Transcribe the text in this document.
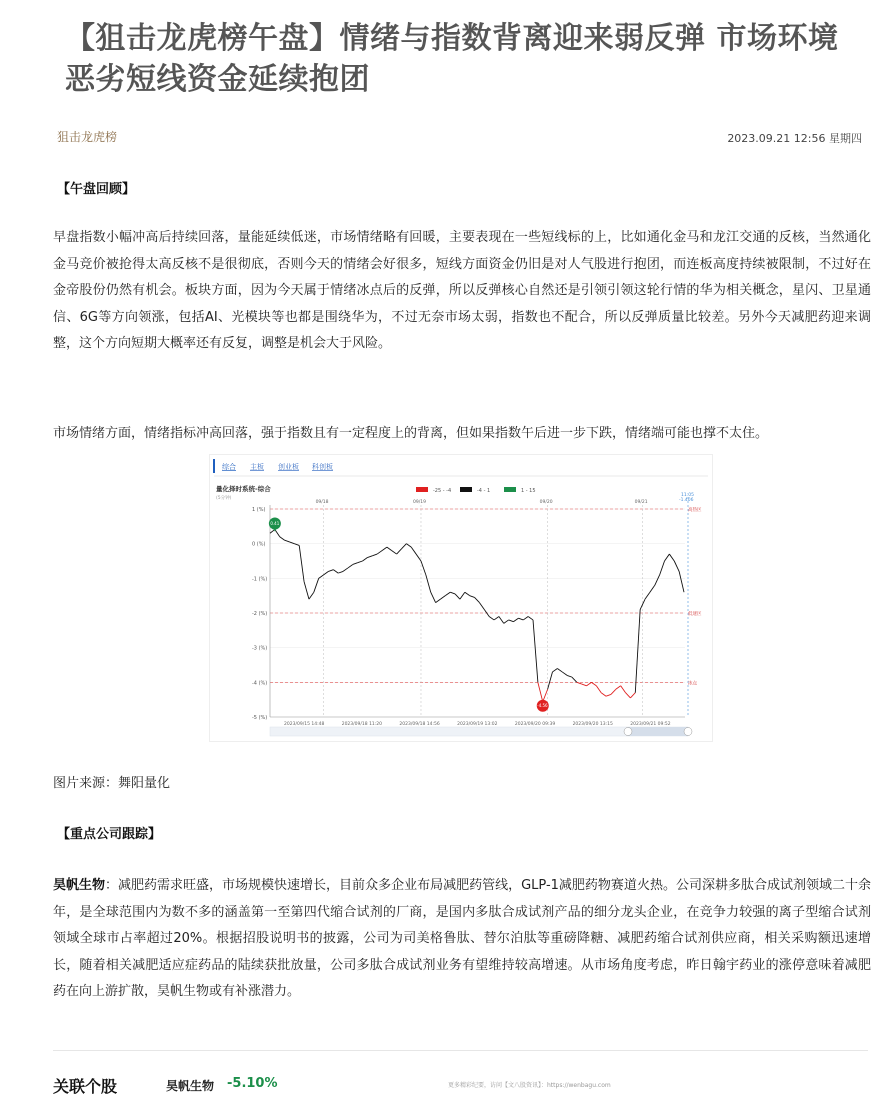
【狙击龙虎榜午盘】情绪与指数背离迎来弱反弹 市场环境恶劣短线资金延续抱团
狙击龙虎榜	2023.09.21 12:56 星期四
【午盘回顾】

早盘指数小幅冲高后持续回落，量能延续低迷，市场情绪略有回暖，主要表现在一些短线标的上，比如通化金马和龙江交通的反核，当然通化金马竞价被抢得太高反核不是很彻底，否则今天的情绪会好很多，短线方面资金仍旧是对人气股进行抱团，而连板高度持续被限制，不过好在金帝股份仍然有机会。板块方面，因为今天属于情绪冰点后的反弹，所以反弹核心自然还是引领引领这轮行情的华为相关概念，星闪、卫星通信、6G等方向领涨，包括AI、光模块等也都是围绕华为，不过无奈市场太弱，指数也不配合，所以反弹质量比较差。另外今天减肥药迎来调整，这个方向短期大概率还有反复，调整是机会大于风险。

市场情绪方面，情绪指标冲高回落，强于指数且有一定程度上的背离，但如果指数午后进一步下跌，情绪端可能也撑不太住。

综合 主板 创业板 科创板
量化择时系统-综合
(5分钟)
-25 - -4	-4 - 1	1 - 15
1 (%)
0 (%)
-1 (%)
-2 (%)
-3 (%)
-4 (%)
-5 (%)
高热区
低迷区
冰点
09/18	09/19	09/20	09/21
11:05
-1.406
2023/09/15 14:48	2023/09/18 11:20	2023/09/18 14:56	2023/09/19 13:02	2023/09/20 09:39	2023/09/20 13:15	2023/09/21 09:52
0.41
-4.56
图片来源：舞阳量化
【重点公司跟踪】

昊帆生物：减肥药需求旺盛，市场规模快速增长，目前众多企业布局减肥药管线，GLP-1减肥药物赛道火热。公司深耕多肽合成试剂领域二十余年，是全球范围内为数不多的涵盖第一至第四代缩合试剂的厂商，是国内多肽合成试剂产品的细分龙头企业，在竞争力较强的离子型缩合试剂领域全球市占率超过20%。根据招股说明书的披露，公司为司美格鲁肽、替尔泊肽等重磅降糖、减肥药缩合试剂供应商，相关采购额迅速增长，随着相关减肥适应症药品的陆续获批放量，公司多肽合成试剂业务有望维持较高增速。从市场角度考虑，昨日翰宇药业的涨停意味着减肥药在向上游扩散，昊帆生物或有补涨潜力。

关联个股	昊帆生物 -5.10%	更多精彩纪要，访问【文八股资讯】：https://wenbagu.com
